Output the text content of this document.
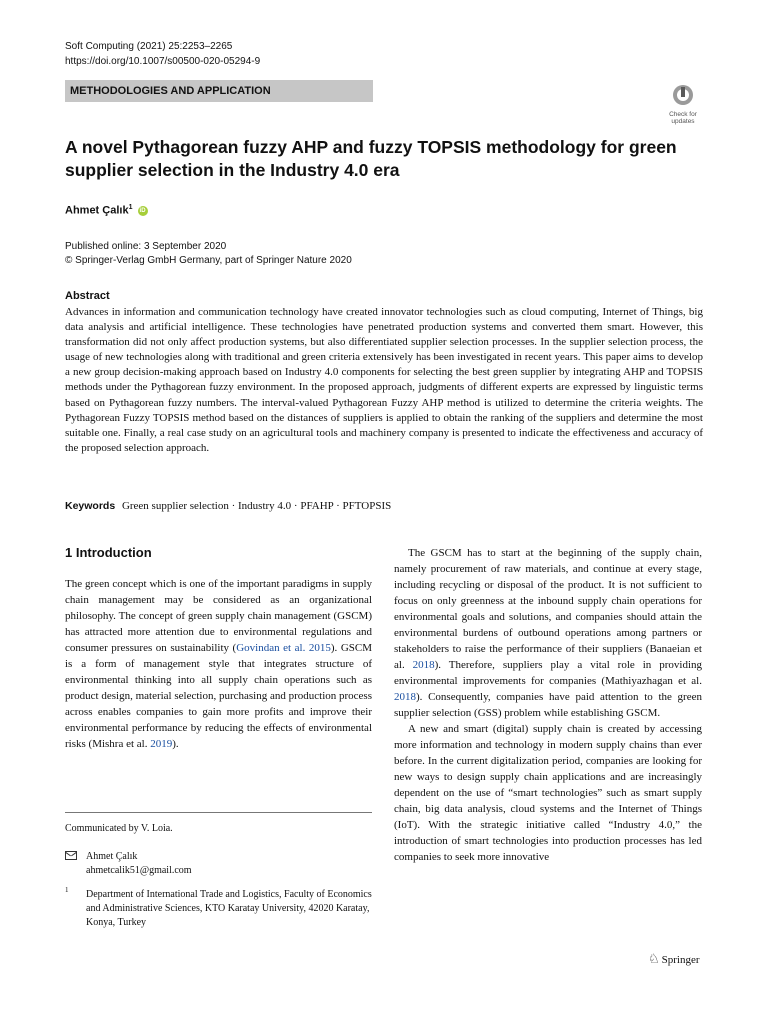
Soft Computing (2021) 25:2253–2265
https://doi.org/10.1007/s00500-020-05294-9
METHODOLOGIES AND APPLICATION
Check for updates
A novel Pythagorean fuzzy AHP and fuzzy TOPSIS methodology for green supplier selection in the Industry 4.0 era
Ahmet Çalık$^1$ iD
Published online: 3 September 2020
© Springer-Verlag GmbH Germany, part of Springer Nature 2020
Abstract
Advances in information and communication technology have created innovator technologies such as cloud computing, Internet of Things, big data analysis and artificial intelligence. These technologies have penetrated production systems and converted them smart. However, this transformation did not only affect production systems, but also differentiated supplier selection processes. In the supplier selection process, the usage of new technologies along with traditional and green criteria extensively has been investigated in recent years. This paper aims to develop a new group decision-making approach based on Industry 4.0 components for selecting the best green supplier by integrating AHP and TOPSIS methods under the Pythagorean fuzzy environment. In the proposed approach, judgments of different experts are expressed by linguistic terms based on Pythagorean fuzzy numbers. The interval-valued Pythagorean Fuzzy AHP method is utilized to determine the criteria weights. The Pythagorean Fuzzy TOPSIS method based on the distances of suppliers is applied to obtain the ranking of the suppliers and determine the most suitable one. Finally, a real case study on an agricultural tools and machinery company is presented to indicate the effectiveness and accuracy of the proposed selection approach.
Keywords Green supplier selection · Industry 4.0 · PFAHP · PFTOPSIS
1 Introduction

The green concept which is one of the important paradigms in supply chain management may be considered as an organizational philosophy. The concept of green supply chain management (GSCM) has attracted more attention due to environmental regulations and consumer pressures on sustainability (Govindan et al. 2015). GSCM is a form of management style that integrates structure of environmental thinking into all supply chain operations such as product design, material selection, purchasing and production process across enables companies to gain more profits and improve their environmental performance by reducing the effects of environmental risks (Mishra et al. 2019).

The GSCM has to start at the beginning of the supply chain, namely procurement of raw materials, and continue at every stage, including recycling or disposal of the product. It is not sufficient to focus on only greenness at the inbound supply chain operations for environmental goals and solutions, and companies should attain the environmental burdens of outbound operations among partners or stakeholders to raise the performance of their suppliers (Banaeian et al. 2018). Therefore, suppliers play a vital role in providing environmental improvements for companies (Mathiyazhagan et al. 2018). Consequently, companies have paid attention to the green supplier selection (GSS) problem while establishing GSCM.

A new and smart (digital) supply chain is created by accessing more information and technology in modern supply chains than ever before. In the current digitalization period, companies are looking for new ways to design supply chain applications and are increasingly dependent on the use of “smart technologies” such as smart supply chain, big data analysis, cloud systems and the Internet of Things (IoT). With the strategic initiative called “Industry 4.0,” the introduction of smart technologies into production processes has led companies to seek more innovative

Communicated by V. Loia.
Ahmet Çalık
ahmetcalik51@gmail.com
1 Department of International Trade and Logistics, Faculty of Economics and Administrative Sciences, KTO Karatay University, 42020 Karatay, Konya, Turkey
♘ Springer
